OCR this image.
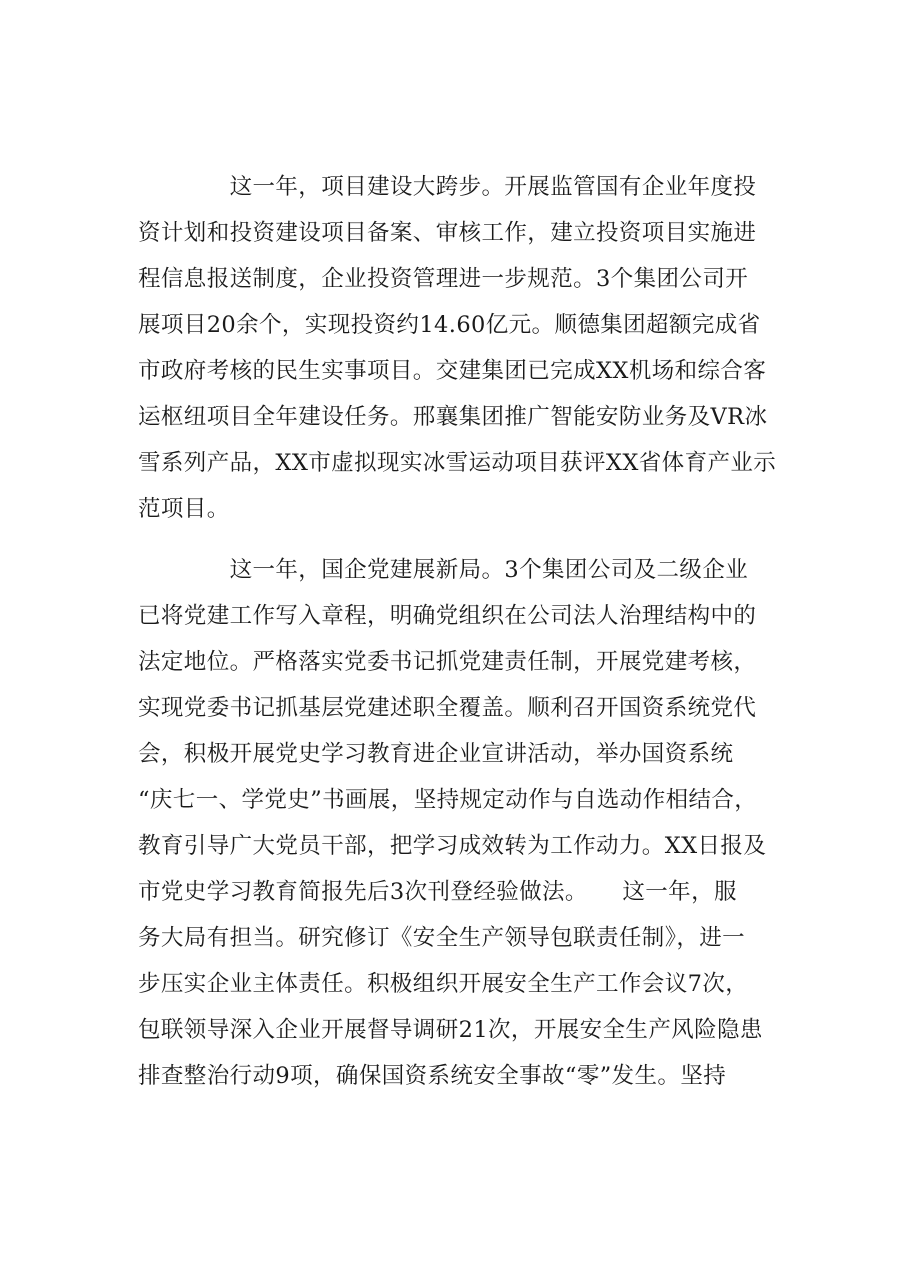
　　　　这一年，项目建设大跨步。开展监管国有企业年度投

资计划和投资建设项目备案、审核工作，建立投资项目实施进

程信息报送制度，企业投资管理进一步规范。3个集团公司开

展项目20余个，实现投资约14.60亿元。顺德集团超额完成省

市政府考核的民生实事项目。交建集团已完成XX机场和综合客

运枢纽项目全年建设任务。邢襄集团推广智能安防业务及VR冰

雪系列产品，XX市虚拟现实冰雪运动项目获评XX省体育产业示

范项目。

　　　　这一年，国企党建展新局。3个集团公司及二级企业

已将党建工作写入章程，明确党组织在公司法人治理结构中的

法定地位。严格落实党委书记抓党建责任制，开展党建考核，

实现党委书记抓基层党建述职全覆盖。顺利召开国资系统党代

会，积极开展党史学习教育进企业宣讲活动，举办国资系统

“庆七一、学党史”书画展，坚持规定动作与自选动作相结合，

教育引导广大党员干部，把学习成效转为工作动力。XX日报及

市党史学习教育简报先后3次刊登经验做法。　　这一年，服

务大局有担当。研究修订《安全生产领导包联责任制》，进一

步压实企业主体责任。积极组织开展安全生产工作会议7次，

包联领导深入企业开展督导调研21次，开展安全生产风险隐患

排查整治行动9项，确保国资系统安全事故“零”发生。坚持
